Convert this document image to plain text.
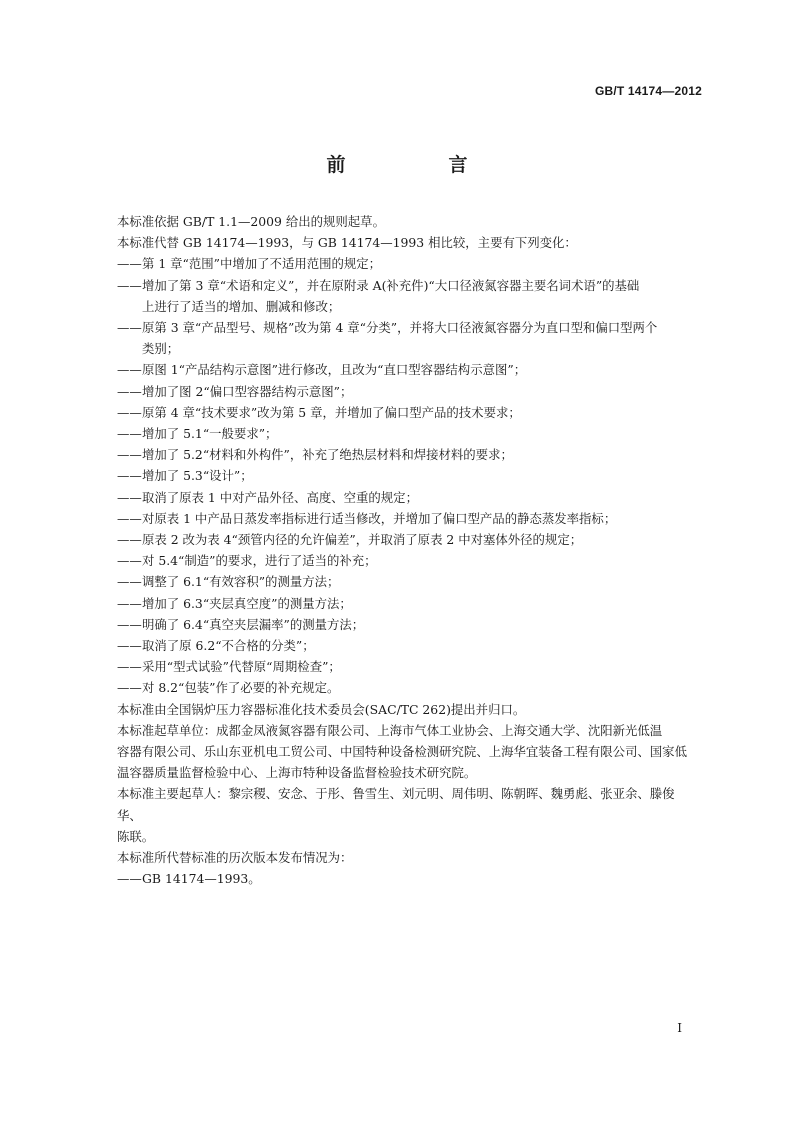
GB/T 14174—2012
前　言

本标准依据 GB/T 1.1—2009 给出的规则起草。

本标准代替 GB 14174—1993，与 GB 14174—1993 相比较，主要有下列变化：

—— 第 1 章“范围”中增加了不适用范围的规定；

—— 增加了第 3 章“术语和定义”，并在原附录 A(补充件)“大口径液氮容器主要名词术语”的基础

上进行了适当的增加、删减和修改；

—— 原第 3 章“产品型号、规格”改为第 4 章“分类”，并将大口径液氮容器分为直口型和偏口型两个

类别；

—— 原图 1“产品结构示意图”进行修改，且改为“直口型容器结构示意图”；

—— 增加了图 2“偏口型容器结构示意图”；

—— 原第 4 章“技术要求”改为第 5 章，并增加了偏口型产品的技术要求；

—— 增加了 5.1“一般要求”；

—— 增加了 5.2“材料和外构件”，补充了绝热层材料和焊接材料的要求；

—— 增加了 5.3“设计”；

—— 取消了原表 1 中对产品外径、高度、空重的规定；

—— 对原表 1 中产品日蒸发率指标进行适当修改，并增加了偏口型产品的静态蒸发率指标；

—— 原表 2 改为表 4“颈管内径的允许偏差”，并取消了原表 2 中对塞体外径的规定；

—— 对 5.4“制造”的要求，进行了适当的补充；

—— 调整了 6.1“有效容积”的测量方法；

—— 增加了 6.3“夹层真空度”的测量方法；

—— 明确了 6.4“真空夹层漏率”的测量方法；

—— 取消了原 6.2“不合格的分类”；

—— 采用“型式试验”代替原“周期检查”；

—— 对 8.2“包装”作了必要的补充规定。

本标准由全国锅炉压力容器标准化技术委员会(SAC/TC 262)提出并归口。

本标准起草单位：成都金凤液氮容器有限公司、上海市气体工业协会、上海交通大学、沈阳新光低温

容器有限公司、乐山东亚机电工贸公司、中国特种设备检测研究院、上海华宜装备工程有限公司、国家低

温容器质量监督检验中心、上海市特种设备监督检验技术研究院。

本标准主要起草人：黎宗稷、安念、于彤、鲁雪生、刘元明、周伟明、陈朝晖、魏勇彪、张亚余、滕俊华、

陈联。

本标准所代替标准的历次版本发布情况为：

—— GB 14174—1993。

I
